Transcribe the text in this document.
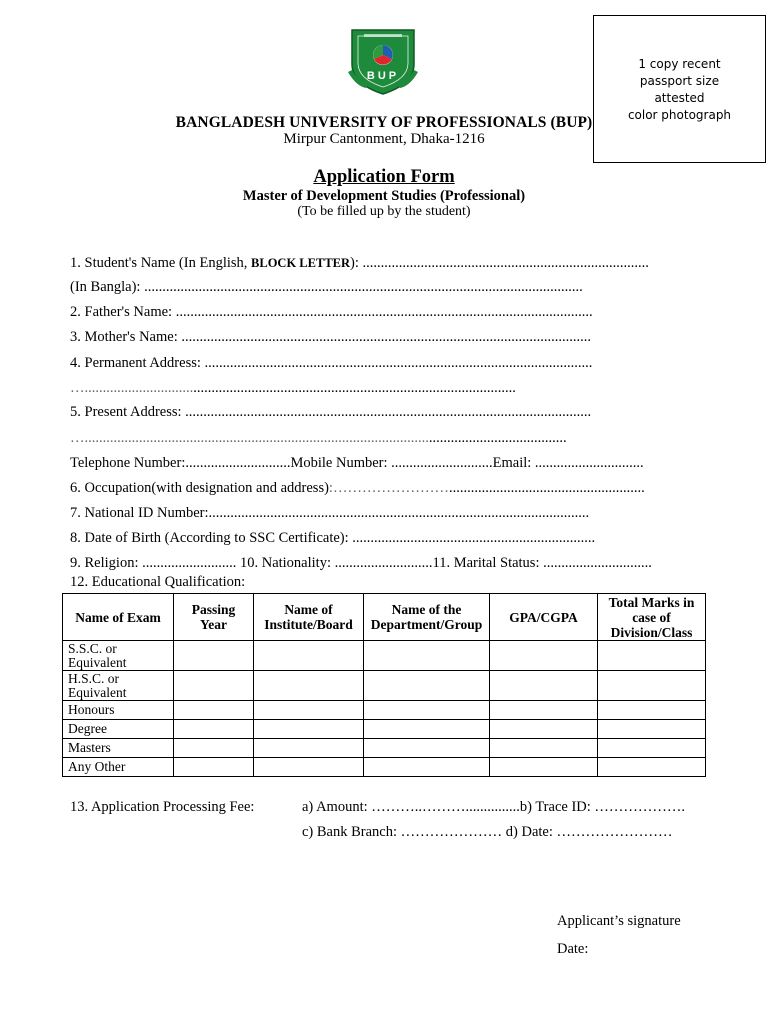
1 copy recent
passport size
attested
color photograph
BUP
BANGLADESH UNIVERSITY OF PROFESSIONALS (BUP)
Mirpur Cantonment, Dhaka-1216
Application Form
Master of Development Studies (Professional)
(To be filled up by the student)
1. Student's Name (In English, BLOCK LETTER): ...............................................................................
(In Bangla): .........................................................................................................................
2. Father's Name: ...................................................................................................................
3. Mother's Name: .................................................................................................................
4. Permanent Address: ...........................................................................................................
….......................................................................................................................
5. Present Address: ................................................................................................................
….....................................................................................................................................
Telephone Number:.............................Mobile Number: ............................Email: ..............................
6. Occupation(with designation and address):……………………......................................................
7. National ID Number:.........................................................................................................
8. Date of Birth (According to SSC Certificate): ...................................................................
9. Religion: .......................... 10. Nationality: ...........................11. Marital Status: ..............................
12. Educational Qualification:
Name of Exam	Passing Year	Name of Institute/Board	Name of the Department/Group	GPA/CGPA	Total Marks in case of Division/Class
S.S.C. or Equivalent					
H.S.C. or Equivalent					
Honours					
Degree					
Masters					
Any Other					
13. Application Processing Fee:	a) Amount: ………..………...............b) Trace ID: ……………….
c) Bank Branch: ………………… d) Date: ……………………
Applicant’s signature
Date:
